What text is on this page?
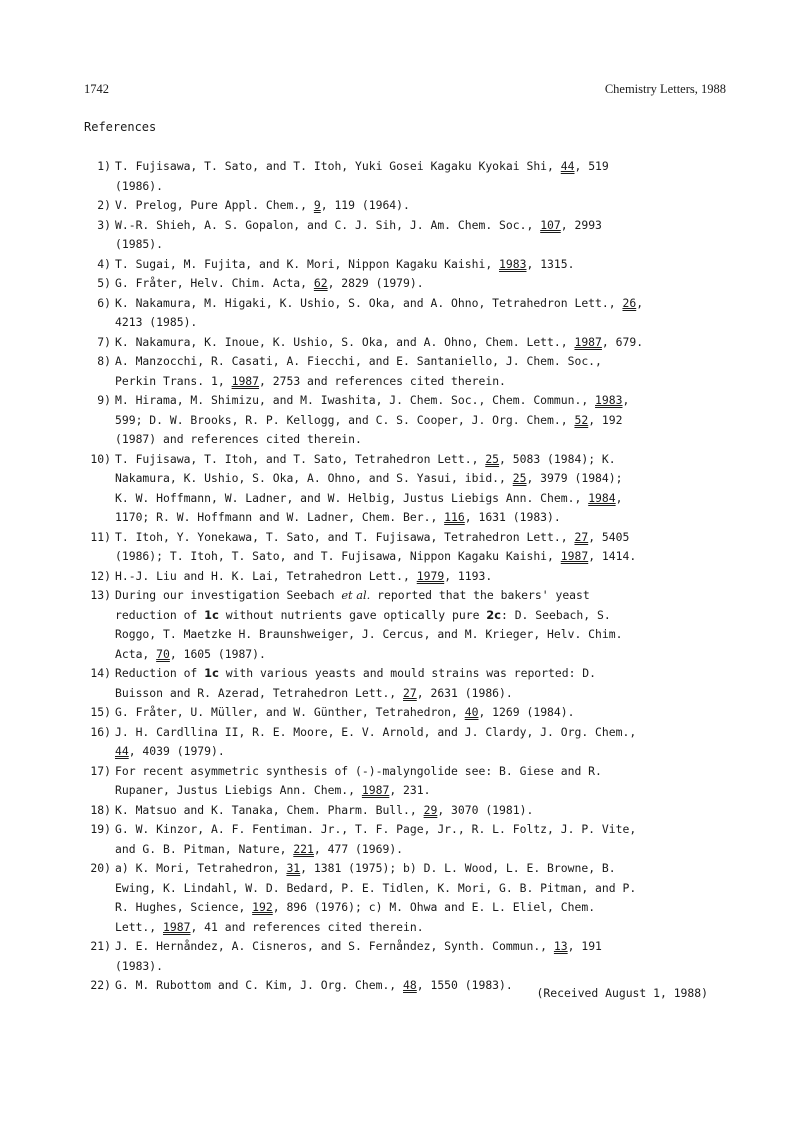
1742	Chemistry Letters, 1988
References
1) T. Fujisawa, T. Sato, and T. Itoh, Yuki Gosei Kagaku Kyokai Shi, 44, 519
(1986).
2) V. Prelog, Pure Appl. Chem., 9, 119 (1964).
3) W.-R. Shieh, A. S. Gopalon, and C. J. Sih, J. Am. Chem. Soc., 107, 2993
(1985).
4) T. Sugai, M. Fujita, and K. Mori, Nippon Kagaku Kaishi, 1983, 1315.
5) G. Fråter, Helv. Chim. Acta, 62, 2829 (1979).
6) K. Nakamura, M. Higaki, K. Ushio, S. Oka, and A. Ohno, Tetrahedron Lett., 26,
4213 (1985).
7) K. Nakamura, K. Inoue, K. Ushio, S. Oka, and A. Ohno, Chem. Lett., 1987, 679.
8) A. Manzocchi, R. Casati, A. Fiecchi, and E. Santaniello, J. Chem. Soc.,
Perkin Trans. 1, 1987, 2753 and references cited therein.
9) M. Hirama, M. Shimizu, and M. Iwashita, J. Chem. Soc., Chem. Commun., 1983,
599; D. W. Brooks, R. P. Kellogg, and C. S. Cooper, J. Org. Chem., 52, 192
(1987) and references cited therein.
10) T. Fujisawa, T. Itoh, and T. Sato, Tetrahedron Lett., 25, 5083 (1984); K.
Nakamura, K. Ushio, S. Oka, A. Ohno, and S. Yasui, ibid., 25, 3979 (1984);
K. W. Hoffmann, W. Ladner, and W. Helbig, Justus Liebigs Ann. Chem., 1984,
1170; R. W. Hoffmann and W. Ladner, Chem. Ber., 116, 1631 (1983).
11) T. Itoh, Y. Yonekawa, T. Sato, and T. Fujisawa, Tetrahedron Lett., 27, 5405
(1986); T. Itoh, T. Sato, and T. Fujisawa, Nippon Kagaku Kaishi, 1987, 1414.
12) H.-J. Liu and H. K. Lai, Tetrahedron Lett., 1979, 1193.
13) During our investigation Seebach et al. reported that the bakers' yeast
reduction of 1c without nutrients gave optically pure 2c: D. Seebach, S.
Roggo, T. Maetzke H. Braunshweiger, J. Cercus, and M. Krieger, Helv. Chim.
Acta, 70, 1605 (1987).
14) Reduction of 1c with various yeasts and mould strains was reported: D.
Buisson and R. Azerad, Tetrahedron Lett., 27, 2631 (1986).
15) G. Fråter, U. Müller, and W. Günther, Tetrahedron, 40, 1269 (1984).
16) J. H. Cardllina II, R. E. Moore, E. V. Arnold, and J. Clardy, J. Org. Chem.,
44, 4039 (1979).
17) For recent asymmetric synthesis of (-)-malyngolide see: B. Giese and R.
Rupaner, Justus Liebigs Ann. Chem., 1987, 231.
18) K. Matsuo and K. Tanaka, Chem. Pharm. Bull., 29, 3070 (1981).
19) G. W. Kinzor, A. F. Fentiman. Jr., T. F. Page, Jr., R. L. Foltz, J. P. Vite,
and G. B. Pitman, Nature, 221, 477 (1969).
20) a) K. Mori, Tetrahedron, 31, 1381 (1975); b) D. L. Wood, L. E. Browne, B.
Ewing, K. Lindahl, W. D. Bedard, P. E. Tidlen, K. Mori, G. B. Pitman, and P.
R. Hughes, Science, 192, 896 (1976); c) M. Ohwa and E. L. Eliel, Chem.
Lett., 1987, 41 and references cited therein.
21) J. E. Hernåndez, A. Cisneros, and S. Fernåndez, Synth. Commun., 13, 191
(1983).
22) G. M. Rubottom and C. Kim, J. Org. Chem., 48, 1550 (1983).
(Received August 1, 1988)
